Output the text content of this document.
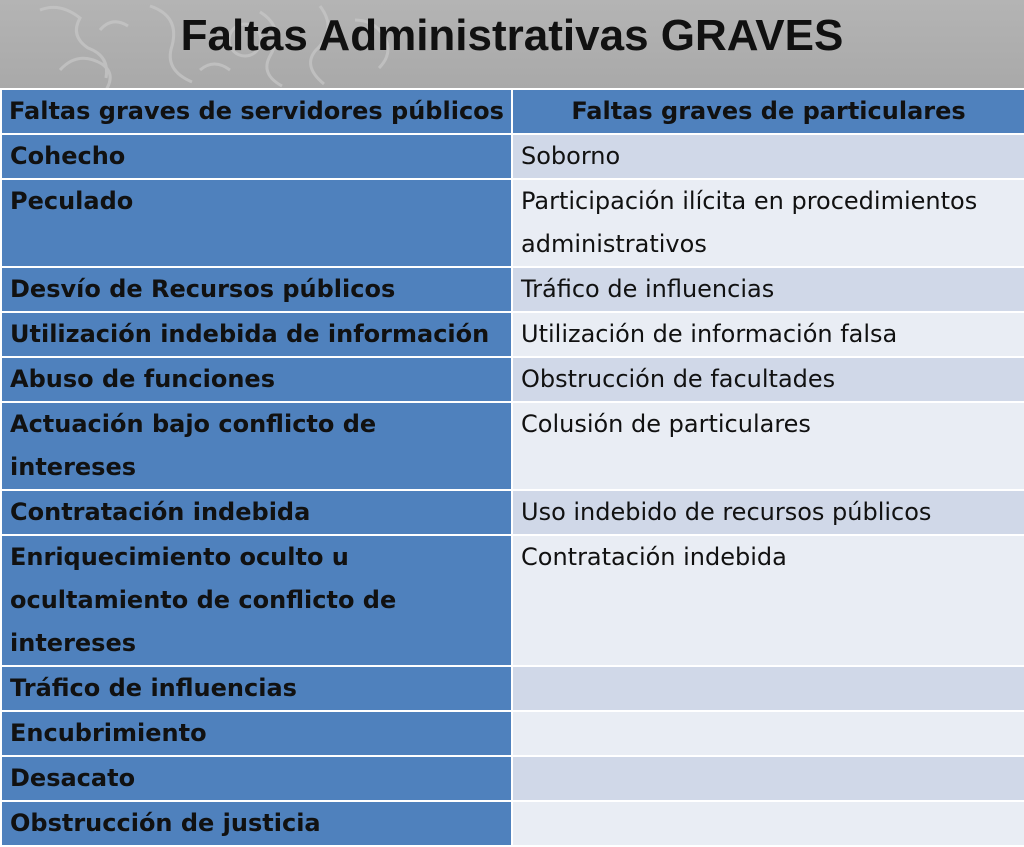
Faltas Administrativas GRAVES
Faltas graves de servidores públicos	Faltas graves de particulares
Cohecho	Soborno
Peculado	Participación ilícita en procedimientos administrativos
Desvío de Recursos públicos	Tráfico de influencias
Utilización indebida de información	Utilización de información falsa
Abuso de funciones	Obstrucción de facultades
Actuación bajo conflicto de intereses	Colusión de particulares
Contratación indebida	Uso indebido de recursos públicos
Enriquecimiento oculto u ocultamiento de conflicto de intereses	Contratación indebida
Tráfico de influencias	
Encubrimiento	
Desacato	
Obstrucción de justicia	
